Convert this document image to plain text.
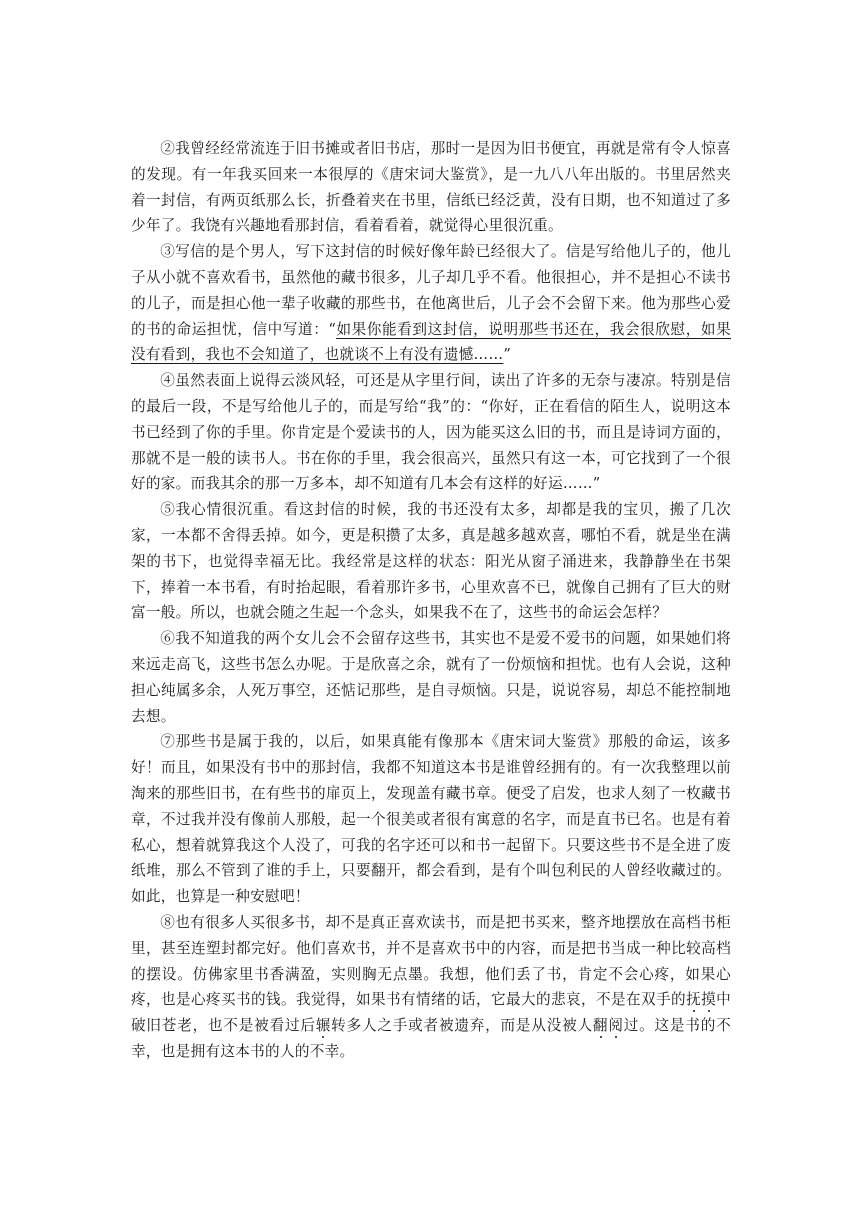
②我曾经经常流连于旧书摊或者旧书店，那时一是因为旧书便宜，再就是常有令人惊喜的发现。有一年我买回来一本很厚的《唐宋词大鉴赏》，是一九八八年出版的。书里居然夹着一封信，有两页纸那么长，折叠着夹在书里，信纸已经泛黄，没有日期，也不知道过了多少年了。我饶有兴趣地看那封信，看着看着，就觉得心里很沉重。

③写信的是个男人，写下这封信的时候好像年龄已经很大了。信是写给他儿子的，他儿子从小就不喜欢看书，虽然他的藏书很多，儿子却几乎不看。他很担心，并不是担心不读书的儿子，而是担心他一辈子收藏的那些书，在他离世后，儿子会不会留下来。他为那些心爱的书的命运担忧，信中写道：“如果你能看到这封信，说明那些书还在，我会很欣慰，如果没有看到，我也不会知道了，也就谈不上有没有遗憾……”

④虽然表面上说得云淡风轻，可还是从字里行间，读出了许多的无奈与凄凉。特别是信的最后一段，不是写给他儿子的，而是写给“我”的：“你好，正在看信的陌生人，说明这本书已经到了你的手里。你肯定是个爱读书的人，因为能买这么旧的书，而且是诗词方面的，那就不是一般的读书人。书在你的手里，我会很高兴，虽然只有这一本，可它找到了一个很好的家。而我其余的那一万多本，却不知道有几本会有这样的好运……”

⑤我心情很沉重。看这封信的时候，我的书还没有太多，却都是我的宝贝，搬了几次家，一本都不舍得丢掉。如今，更是积攒了太多，真是越多越欢喜，哪怕不看，就是坐在满架的书下，也觉得幸福无比。我经常是这样的状态：阳光从窗子涌进来，我静静坐在书架下，捧着一本书看，有时抬起眼，看着那许多书，心里欢喜不已，就像自己拥有了巨大的财富一般。所以，也就会随之生起一个念头，如果我不在了，这些书的命运会怎样？

⑥我不知道我的两个女儿会不会留存这些书，其实也不是爱不爱书的问题，如果她们将来远走高飞，这些书怎么办呢。于是欣喜之余，就有了一份烦恼和担忧。也有人会说，这种担心纯属多余，人死万事空，还惦记那些，是自寻烦恼。只是，说说容易，却总不能控制地去想。

⑦那些书是属于我的，以后，如果真能有像那本《唐宋词大鉴赏》那般的命运，该多好！而且，如果没有书中的那封信，我都不知道这本书是谁曾经拥有的。有一次我整理以前淘来的那些旧书，在有些书的扉页上，发现盖有藏书章。便受了启发，也求人刻了一枚藏书章，不过我并没有像前人那般，起一个很美或者很有寓意的名字，而是直书已名。也是有着私心，想着就算我这个人没了，可我的名字还可以和书一起留下。只要这些书不是全进了废纸堆，那么不管到了谁的手上，只要翻开，都会看到，是有个叫包利民的人曾经收藏过的。如此，也算是一种安慰吧！

⑧也有很多人买很多书，却不是真正喜欢读书，而是把书买来，整齐地摆放在高档书柜里，甚至连塑封都完好。他们喜欢书，并不是喜欢书中的内容，而是把书当成一种比较高档的摆设。仿佛家里书香满盈，实则胸无点墨。我想，他们丢了书，肯定不会心疼，如果心疼，也是心疼买书的钱。我觉得，如果书有情绪的话，它最大的悲哀，不是在双手的抚摸中破旧苍老，也不是被看过后辗转多人之手或者被遗弃，而是从没被人翻阅过。这是书的不幸，也是拥有这本书的人的不幸。
